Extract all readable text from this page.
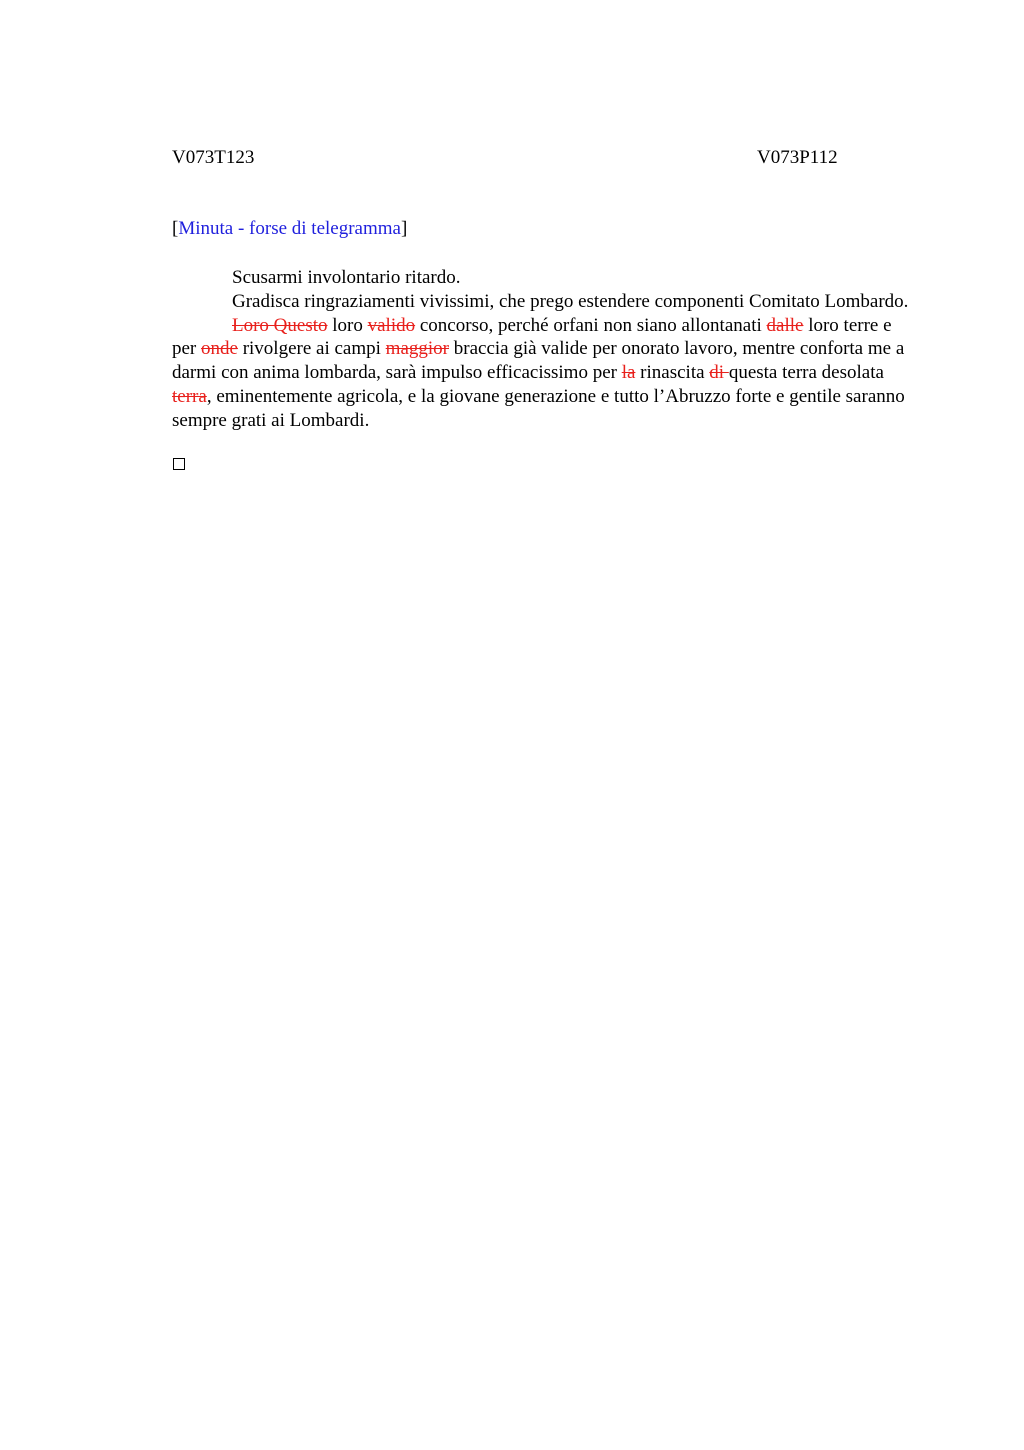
V073T123	V073P112
[Minuta - forse di telegramma]

Scusarmi involontario ritardo.

Gradisca ringraziamenti vivissimi, che prego estendere componenti Comitato Lombardo.

Loro Questo loro valido concorso, perché orfani non siano allontanati dalle loro terre e per onde rivolgere ai campi maggior braccia già valide per onorato lavoro, mentre conforta me a darmi con anima lombarda, sarà impulso efficacissimo per la rinascita di questa terra desolata terra, eminentemente agricola, e la giovane generazione e tutto l’Abruzzo forte e gentile saranno sempre grati ai Lombardi.
